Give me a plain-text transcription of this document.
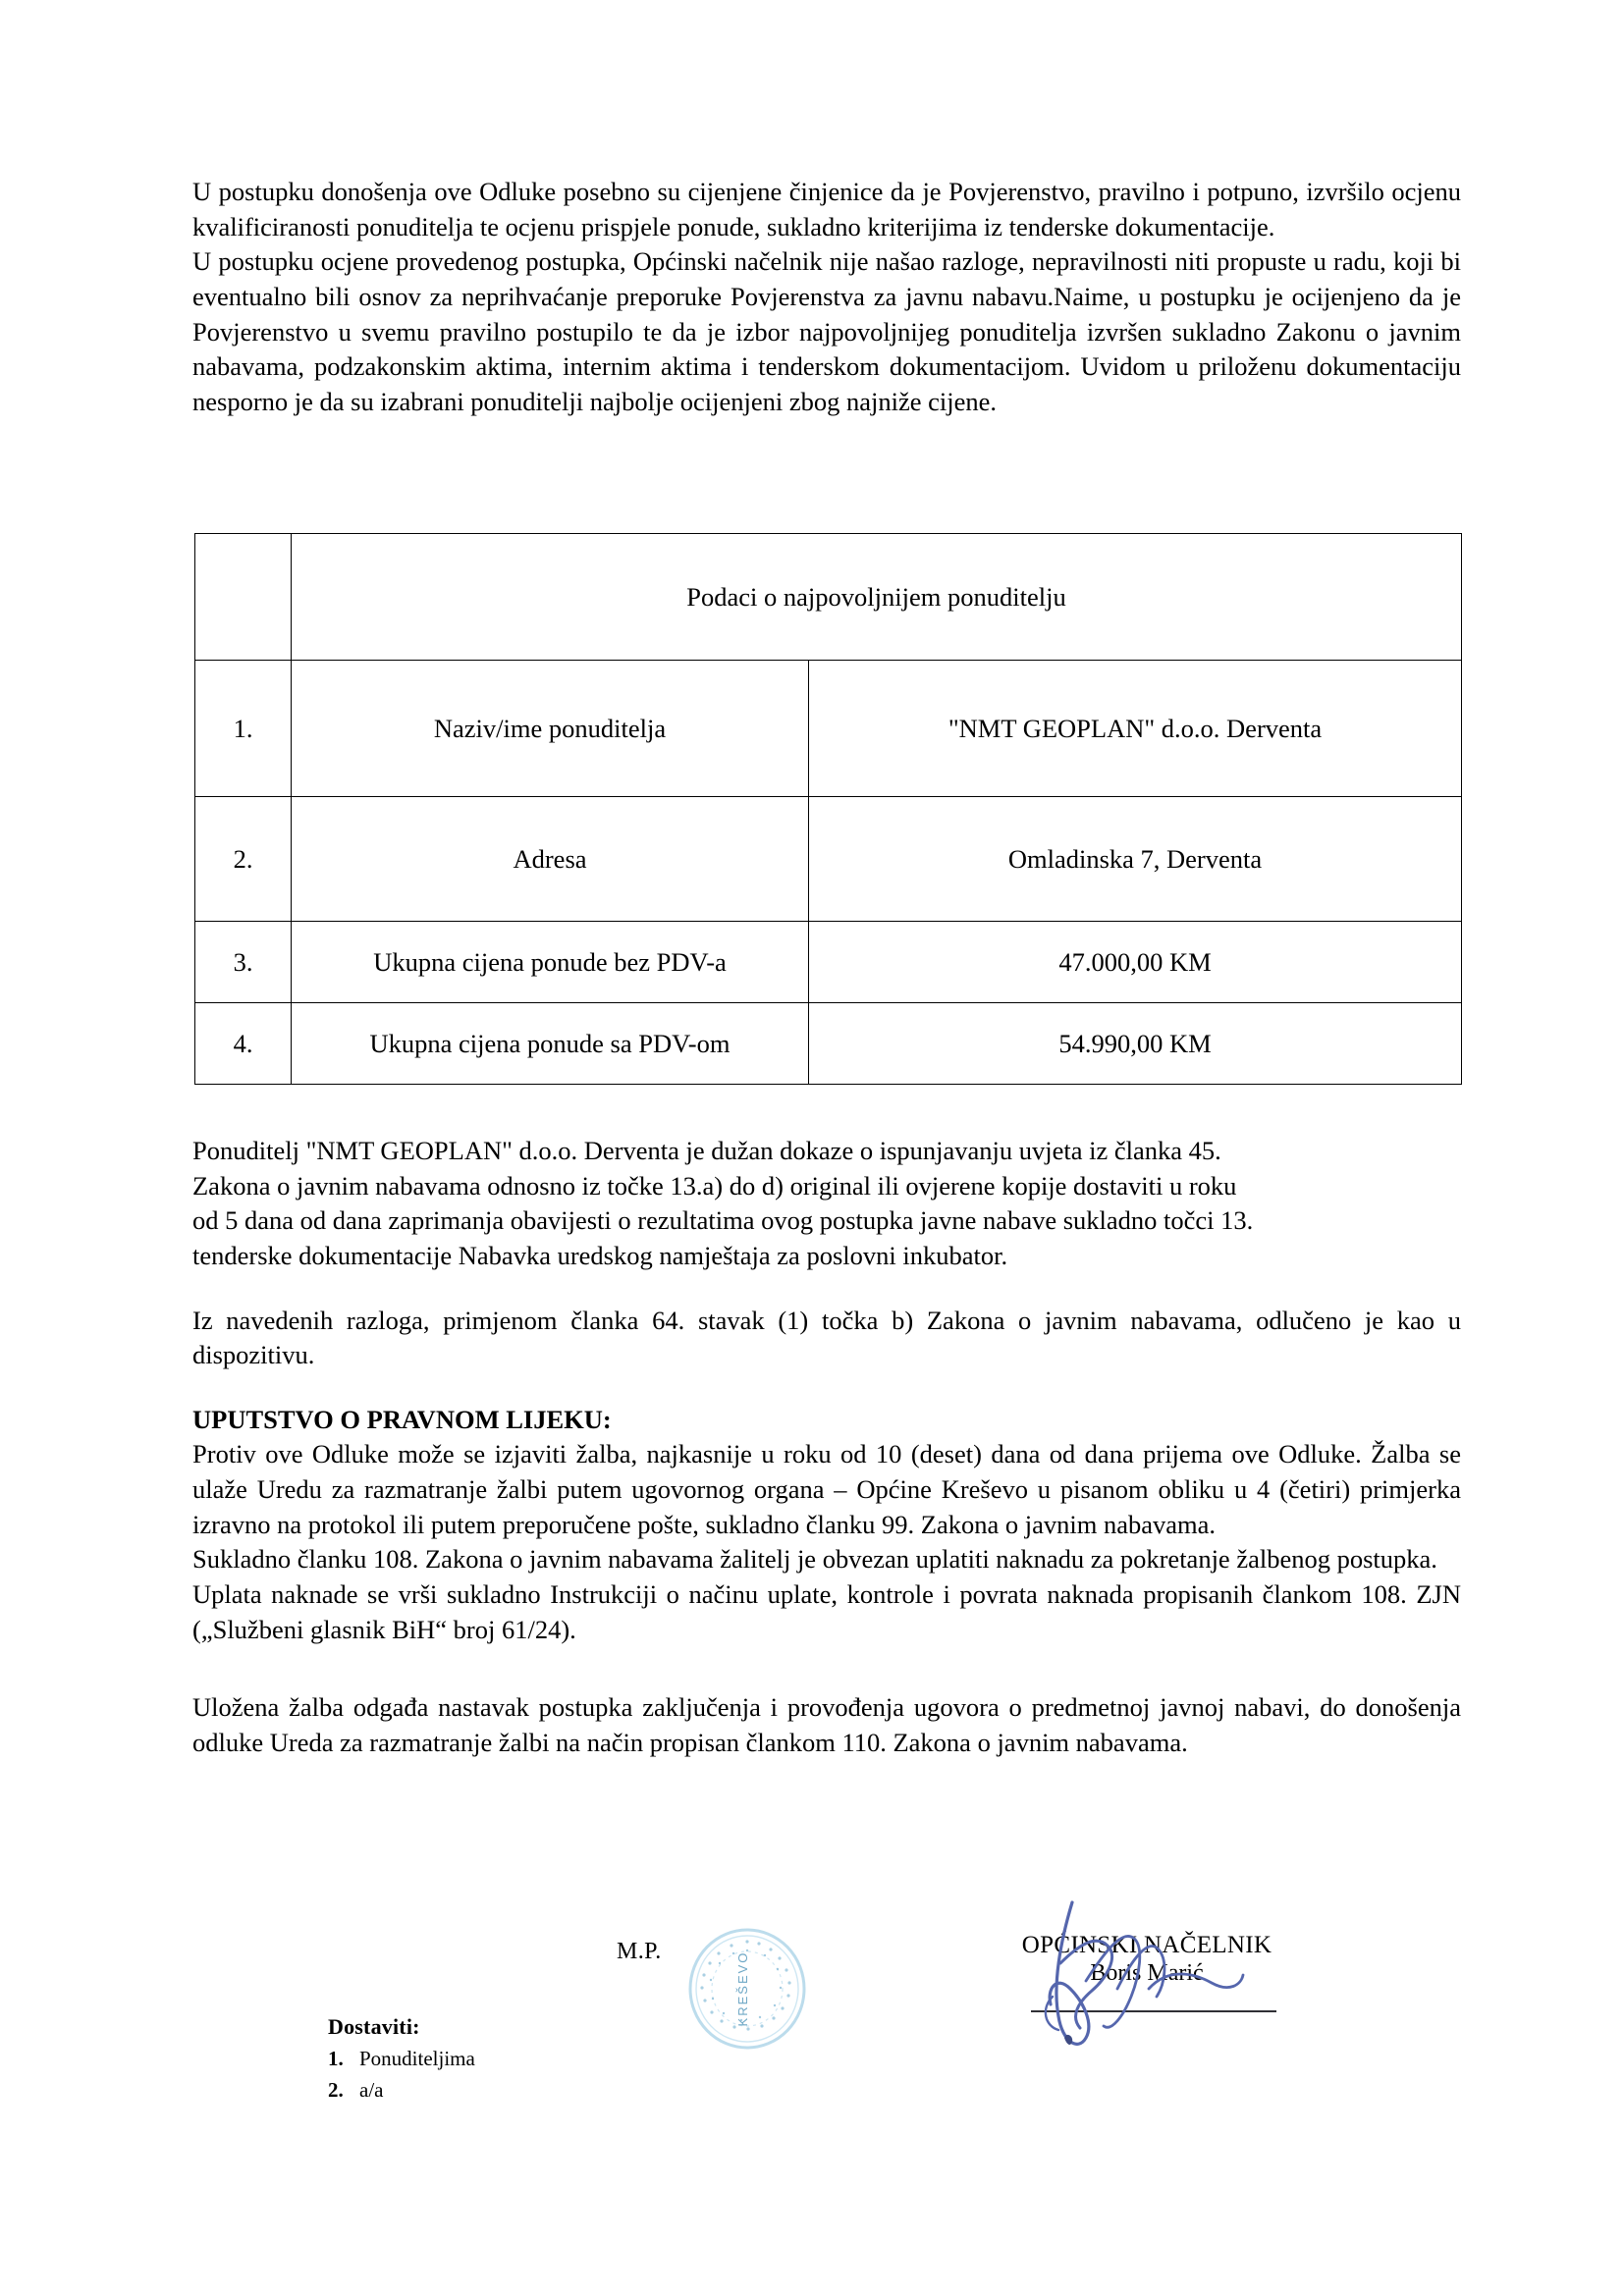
U postupku donošenja ove Odluke posebno su cijenjene činjenice da je Povjerenstvo, pravilno i potpuno, izvršilo ocjenu kvalificiranosti ponuditelja te ocjenu prispjele ponude, sukladno kriterijima iz tenderske dokumentacije.

U postupku ocjene provedenog postupka, Općinski načelnik nije našao razloge, nepravilnosti niti propuste u radu, koji bi eventualno bili osnov za neprihvaćanje preporuke Povjerenstva za javnu nabavu.Naime, u postupku je ocijenjeno da je Povjerenstvo u svemu pravilno postupilo te da je izbor najpovoljnijeg ponuditelja izvršen sukladno Zakonu o javnim nabavama, podzakonskim aktima, internim aktima i tenderskom dokumentacijom. Uvidom u priloženu dokumentaciju nesporno je da su izabrani ponuditelji najbolje ocijenjeni zbog najniže cijene.

	Podaci o najpovoljnijem ponuditelju	
1.	Naziv/ime ponuditelja	"NMT GEOPLAN" d.o.o. Derventa
2.	Adresa	Omladinska 7, Derventa
3.	Ukupna cijena ponude bez PDV-a	47.000,00 KM
4.	Ukupna cijena ponude sa PDV-om	54.990,00 KM

Ponuditelj "NMT GEOPLAN" d.o.o. Derventa je dužan dokaze o ispunjavanju uvjeta iz članka 45.

Zakona o javnim nabavama odnosno iz točke 13.a) do d) original ili ovjerene kopije dostaviti u roku

od 5 dana od dana zaprimanja obavijesti o rezultatima ovog postupka javne nabave sukladno točci 13.

tenderske dokumentacije Nabavka uredskog namještaja za poslovni inkubator.

Iz navedenih razloga, primjenom članka 64. stavak (1) točka b) Zakona o javnim nabavama, odlučeno je kao u dispozitivu.

UPUTSTVO O PRAVNOM LIJEKU:

Protiv ove Odluke može se izjaviti žalba, najkasnije u roku od 10 (deset) dana od dana prijema ove Odluke. Žalba se ulaže Uredu za razmatranje žalbi putem ugovornog organa – Općine Kreševo u pisanom obliku u 4 (četiri) primjerka izravno na protokol ili putem preporučene pošte, sukladno članku 99. Zakona o javnim nabavama.

Sukladno članku 108. Zakona o javnim nabavama žalitelj je obvezan uplatiti naknadu za pokretanje žalbenog postupka.

Uplata naknade se vrši sukladno Instrukciji o načinu uplate, kontrole i povrata naknada propisanih člankom 108. ZJN („Službeni glasnik BiH“ broj 61/24).

Uložena žalba odgađa nastavak postupka zaključenja i provođenja ugovora o predmetnoj javnoj nabavi, do donošenja odluke Ureda za razmatranje žalbi na način propisan člankom 110. Zakona o javnim nabavama.

M.P.	KREŠEVO
OPĆINSKI NAČELNIK
Boris Marić
Dostaviti:
1. Ponuditeljima
2. a/a
